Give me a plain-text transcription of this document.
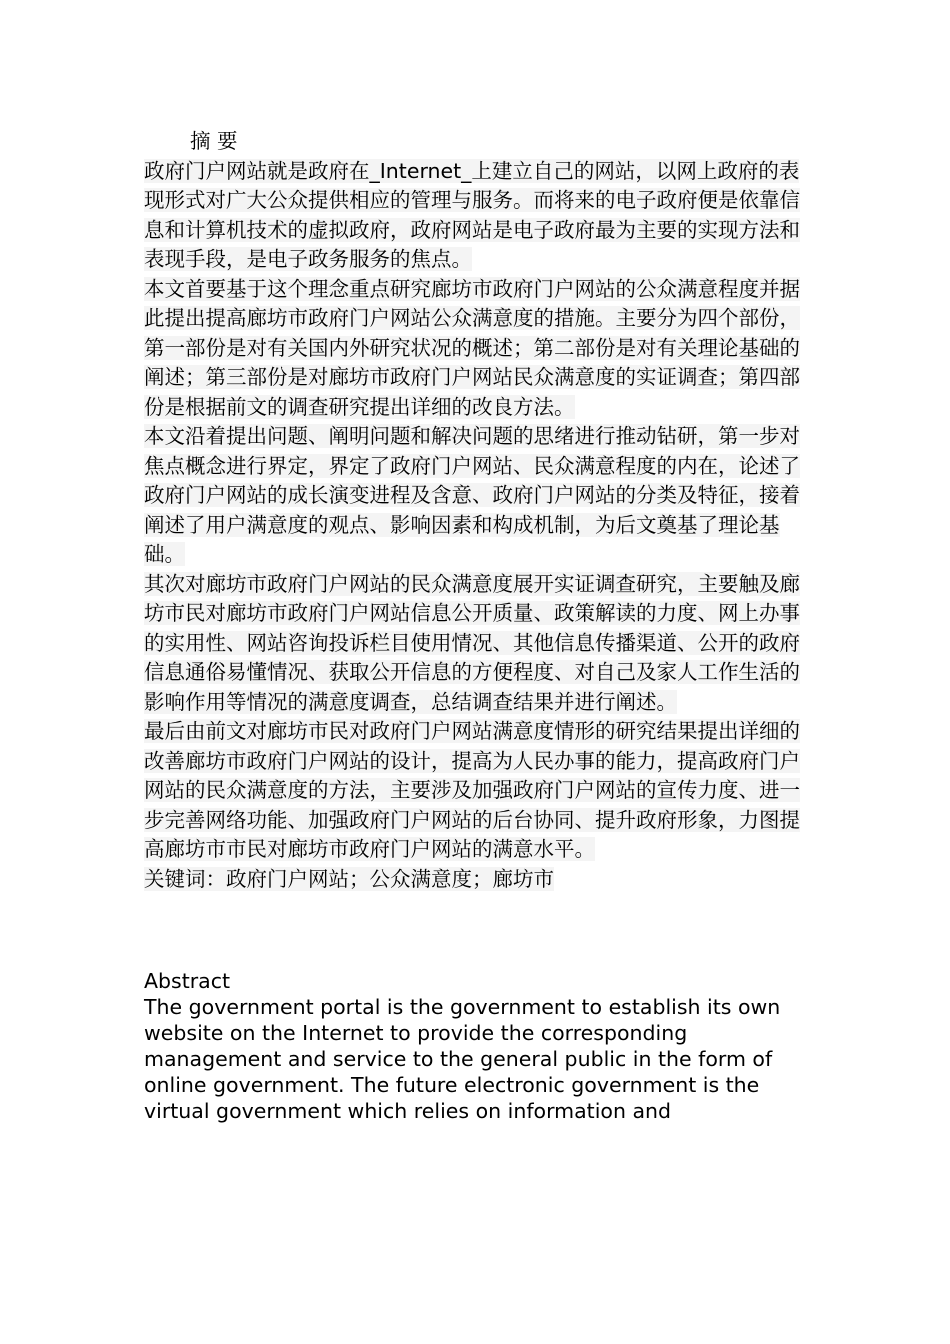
摘 要

政府门户网站就是政府在_Internet_上建立自己的网站，以网上政府的表现形式对广大公众提供相应的管理与服务。而将来的电子政府便是依靠信息和计算机技术的虚拟政府，政府网站是电子政府最为主要的实现方法和表现手段，是电子政务服务的焦点。

本文首要基于这个理念重点研究廊坊市政府门户网站的公众满意程度并据此提出提高廊坊市政府门户网站公众满意度的措施。主要分为四个部份，第一部份是对有关国内外研究状况的概述；第二部份是对有关理论基础的阐述；第三部份是对廊坊市政府门户网站民众满意度的实证调查；第四部份是根据前文的调查研究提出详细的改良方法。

本文沿着提出问题、阐明问题和解决问题的思绪进行推动钻研，第一步对焦点概念进行界定，界定了政府门户网站、民众满意程度的内在，论述了政府门户网站的成长演变进程及含意、政府门户网站的分类及特征，接着阐述了用户满意度的观点、影响因素和构成机制，为后文奠基了理论基础。

其次对廊坊市政府门户网站的民众满意度展开实证调查研究，主要触及廊坊市民对廊坊市政府门户网站信息公开质量、政策解读的力度、网上办事的实用性、网站咨询投诉栏目使用情况、其他信息传播渠道、公开的政府信息通俗易懂情况、获取公开信息的方便程度、对自己及家人工作生活的影响作用等情况的满意度调查，总结调查结果并进行阐述。

最后由前文对廊坊市民对政府门户网站满意度情形的研究结果提出详细的改善廊坊市政府门户网站的设计，提高为人民办事的能力，提高政府门户网站的民众满意度的方法，主要涉及加强政府门户网站的宣传力度、进一步完善网络功能、加强政府门户网站的后台协同、提升政府形象，力图提高廊坊市市民对廊坊市政府门户网站的满意水平。

关键词：政府门户网站；公众满意度；廊坊市

Abstract

The government portal is the government to establish its own website on the Internet to provide the corresponding management and service to the general public in the form of online government. The future electronic government is the virtual government which relies on information and
